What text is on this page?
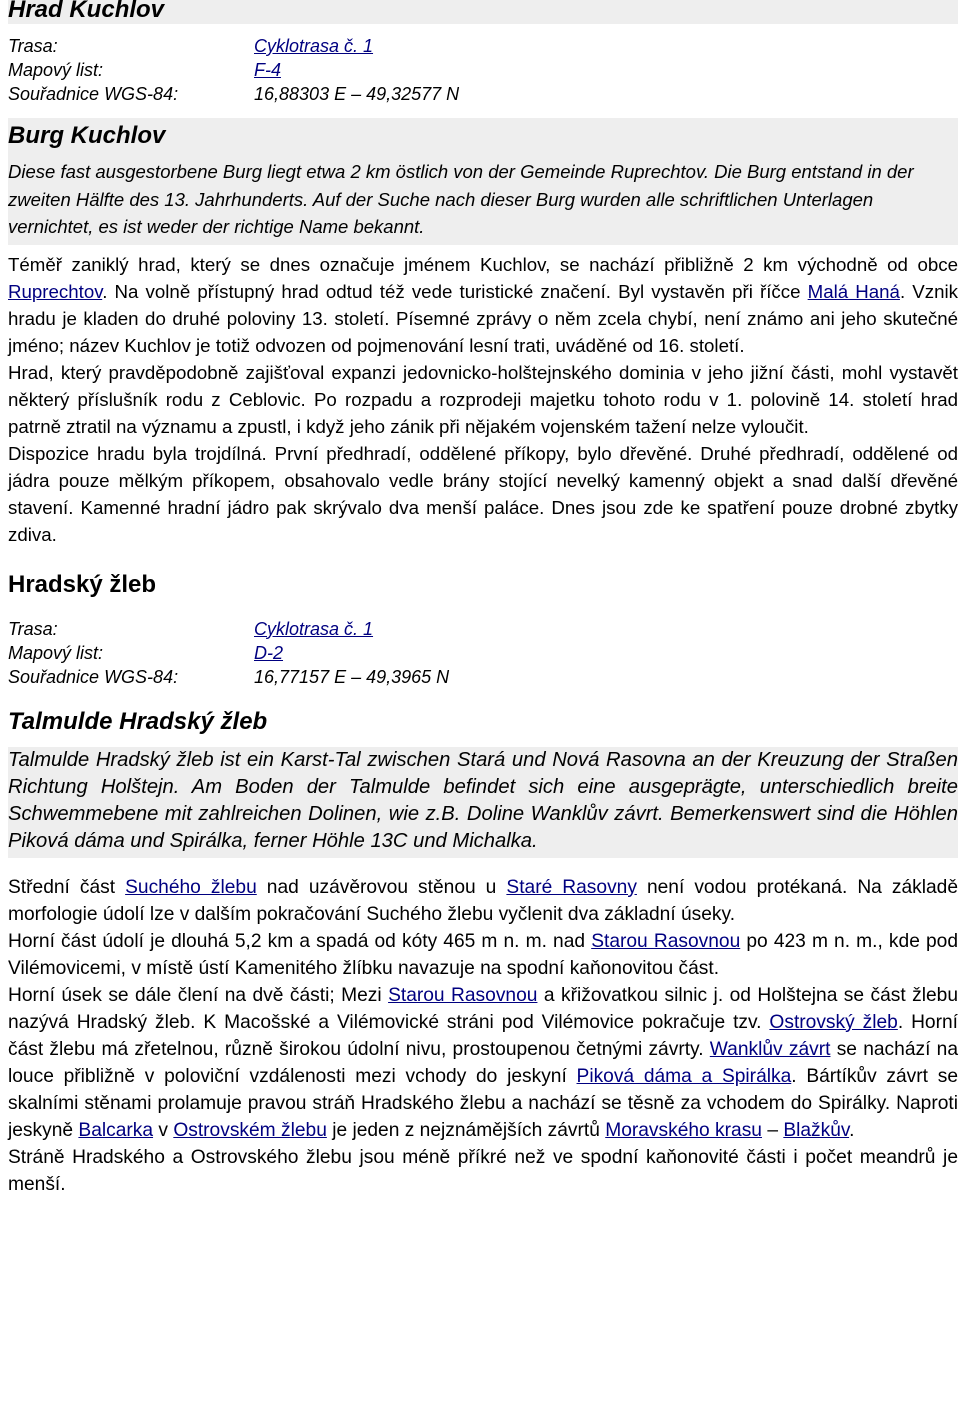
Hrad Kuchlov
Trasa:	Cyklotrasa č. 1
Mapový list:	F-4
Souřadnice WGS-84:	16,88303 E – 49,32577 N
Burg Kuchlov
Diese fast ausgestorbene Burg liegt etwa 2 km östlich von der Gemeinde Ruprechtov. Die Burg entstand in der zweiten Hälfte des 13. Jahrhunderts. Auf der Suche nach dieser Burg wurden alle schriftlichen Unterlagen vernichtet, es ist weder der richtige Name bekannt.

Téměř zaniklý hrad, který se dnes označuje jménem Kuchlov, se nachází přibližně 2 km východně od obce Ruprechtov. Na volně přístupný hrad odtud též vede turistické značení. Byl vystavěn při říčce Malá Haná. Vznik hradu je kladen do druhé poloviny 13. století. Písemné zprávy o něm zcela chybí, není známo ani jeho skutečné jméno; název Kuchlov je totiž odvozen od pojmenování lesní trati, uváděné od 16. století.

Hrad, který pravděpodobně zajišťoval expanzi jedovnicko-holštejnského dominia v jeho jižní části, mohl vystavět některý příslušník rodu z Ceblovic. Po rozpadu a rozprodeji majetku tohoto rodu v 1. polovině 14. století hrad patrně ztratil na významu a zpustl, i když jeho zánik při nějakém vojenském tažení nelze vyloučit.

Dispozice hradu byla trojdílná. První předhradí, oddělené příkopy, bylo dřevěné. Druhé předhradí, oddělené od jádra pouze mělkým příkopem, obsahovalo vedle brány stojící nevelký kamenný objekt a snad další dřevěné stavení. Kamenné hradní jádro pak skrývalo dva menší paláce. Dnes jsou zde ke spatření pouze drobné zbytky zdiva.

Hradský žleb
Trasa:	Cyklotrasa č. 1
Mapový list:	D-2
Souřadnice WGS-84:	16,77157 E – 49,3965 N
Talmulde Hradský žleb
Talmulde Hradský žleb ist ein Karst-Tal zwischen Stará und Nová Rasovna an der Kreuzung der Straßen Richtung Holštejn. Am Boden der Talmulde befindet sich eine ausgeprägte, unterschiedlich breite Schwemmebene mit zahlreichen Dolinen, wie z.B. Doline Wanklův závrt. Bemerkenswert sind die Höhlen Piková dáma und Spirálka, ferner Höhle 13C und Michalka.

Střední část Suchého žlebu nad uzávěrovou stěnou u Staré Rasovny není vodou protékaná. Na základě morfologie údolí lze v dalším pokračování Suchého žlebu vyčlenit dva základní úseky.

Horní část údolí je dlouhá 5,2 km a spadá od kóty 465 m n. m. nad Starou Rasovnou po 423 m n. m., kde pod Vilémovicemi, v místě ústí Kamenitého žlíbku navazuje na spodní kaňonovitou část.

Horní úsek se dále člení na dvě části; Mezi Starou Rasovnou a křižovatkou silnic j. od Holštejna se část žlebu nazývá Hradský žleb. K Macošské a Vilémovické stráni pod Vilémovice pokračuje tzv. Ostrovský žleb. Horní část žlebu má zřetelnou, různě širokou údolní nivu, prostoupenou četnými závrty. Wanklův závrt se nachází na louce přibližně v poloviční vzdálenosti mezi vchody do jeskyní Piková dáma a Spirálka. Bártíkův závrt se skalními stěnami prolamuje pravou stráň Hradského žlebu a nachází se těsně za vchodem do Spirálky. Naproti jeskyně Balcarka v Ostrovském žlebu je jeden z nejznámějších závrtů Moravského krasu – Blažkův.

Stráně Hradského a Ostrovského žlebu jsou méně příkré než ve spodní kaňonovité části i počet meandrů je menší.
